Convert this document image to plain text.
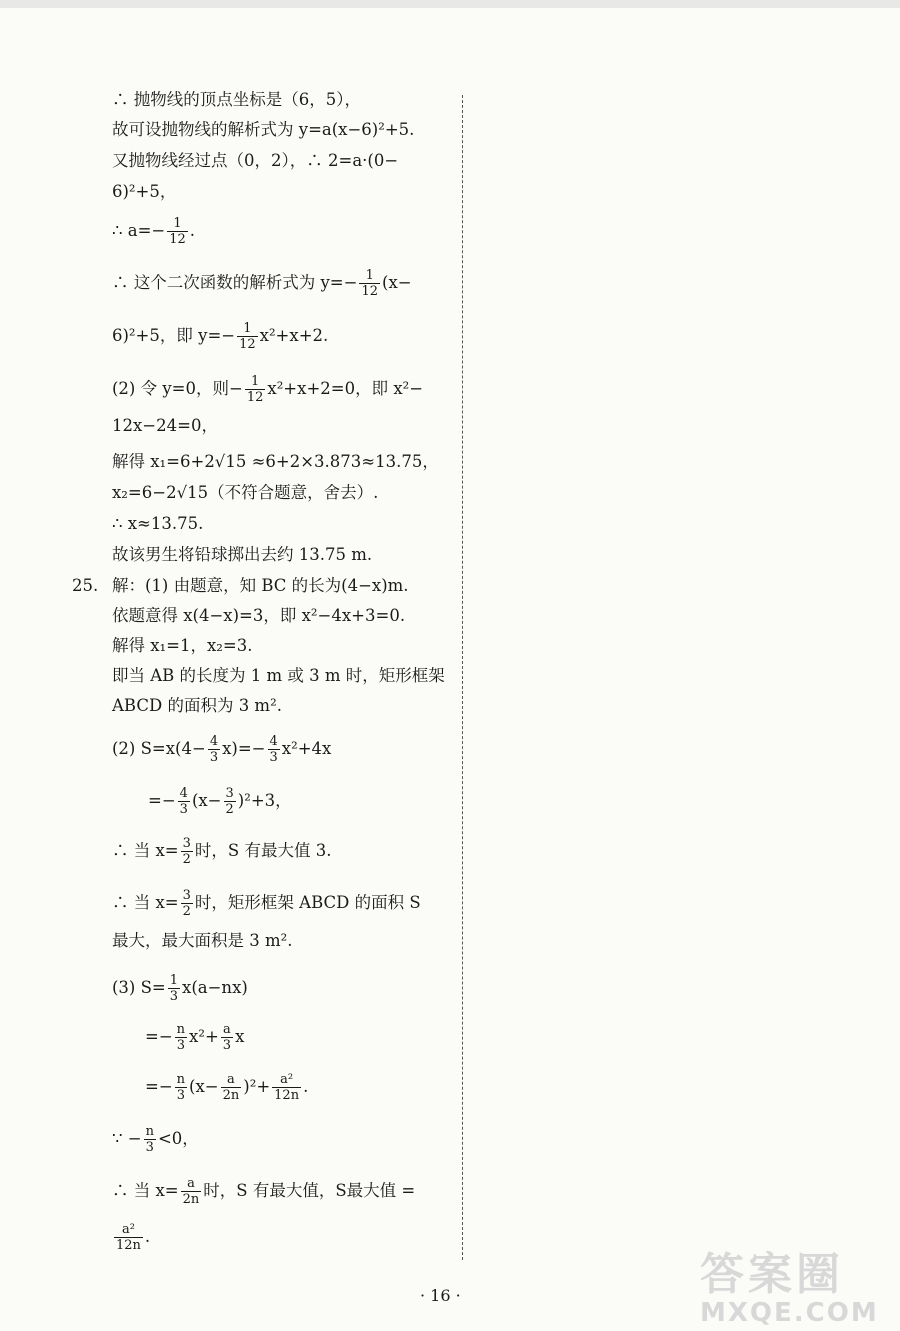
∴ 抛物线的顶点坐标是（6，5），
故可设抛物线的解析式为 y=a(x−6)²+5.
又抛物线经过点（0，2），∴ 2=a·(0−
6)²+5，
∴ $a=- \frac{1}{12}$ .
∴ 这个二次函数的解析式为 $y=- \frac{1}{12} (x-$
6)²+5，即 $y=- \frac{1}{12} x^2+x+2$.
(2) 令 y=0，则− $\frac{1}{12} x^2+x+2=0$，即 x²−
12x−24=0，
解得 x₁=6+2√15 ≈6+2×3.873≈13.75，
x₂=6−2√15（不符合题意，舍去）.
∴ x≈13.75.
故该男生将铅球掷出去约 13.75 m.
25. 解：(1) 由题意，知 BC 的长为(4−x)m.
依题意得 x(4−x)=3，即 x²−4x+3=0.
解得 x₁=1，x₂=3.
即当 AB 的长度为 1 m 或 3 m 时，矩形框架
ABCD 的面积为 3 m².
(2) $S=x(4- \frac{4}{3} x)=- \frac{4}{3} x^2+4x$
=− $\frac{4}{3} (x- \frac{3}{2} )^2+3$，
∴ 当 $x= \frac{3}{2}$ 时，S 有最大值 3.
∴ 当 $x= \frac{3}{2}$ 时，矩形框架 ABCD 的面积 S
最大，最大面积是 3 m².
(3) $S= \frac{1}{3} x(a-nx)$
=− $\frac{n}{3} x^2+ \frac{a}{3}$ x
=− $\frac{n}{3} (x- \frac{a}{2n} )^2+ \frac{\text{a²}}{12n}$ .
∵ − $\frac{n}{3} <0$，
∴ 当 $x= \frac{a}{2n}$ 时，S 有最大值，S最大值 =
$\frac{\text{a²}}{12n}$ .
· 16 ·	答案圈
MXQE.COM
